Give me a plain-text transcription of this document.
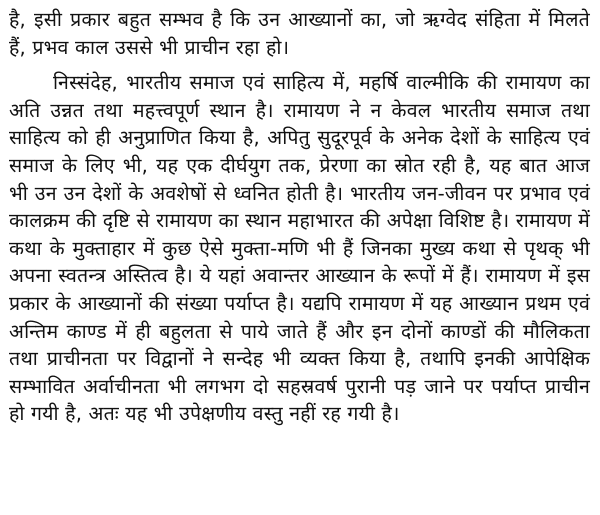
है, इसी प्रकार बहुत सम्भव है कि उन आख्यानों का, जो ऋग्वेद संहिता में मिलते हैं, प्रभव काल उससे भी प्राचीन रहा हो।

निस्संदेह, भारतीय समाज एवं साहित्य में, महर्षि वाल्मीकि की रामायण का अति उन्नत तथा महत्त्वपूर्ण स्थान है। रामायण ने न केवल भारतीय समाज तथा साहित्य को ही अनुप्राणित किया है, अपितु सुदूरपूर्व के अनेक देशों के साहित्य एवं समाज के लिए भी, यह एक दीर्घयुग तक, प्रेरणा का स्रोत रही है, यह बात आज भी उन उन देशों के अवशेषों से ध्वनित होती है। भारतीय जन-जीवन पर प्रभाव एवं कालक्रम की दृष्टि से रामायण का स्थान महाभारत की अपेक्षा विशिष्ट है। रामायण में कथा के मुक्ताहार में कुछ ऐसे मुक्ता-मणि भी हैं जिनका मुख्य कथा से पृथक् भी अपना स्वतन्त्र अस्तित्व है। ये यहां अवान्तर आख्यान के रूपों में हैं। रामायण में इस प्रकार के आख्यानों की संख्या पर्याप्त है। यद्यपि रामायण में यह आख्यान प्रथम एवं अन्तिम काण्ड में ही बहुलता से पाये जाते हैं और इन दोनों काण्डों की मौलिकता तथा प्राचीनता पर विद्वानों ने सन्देह भी व्यक्त किया है, तथापि इनकी आपेक्षिक सम्भावित अर्वाचीनता भी लगभग दो सहस्रवर्ष पुरानी पड़ जाने पर पर्याप्त प्राचीन हो गयी है, अतः यह भी उपेक्षणीय वस्तु नहीं रह गयी है।
